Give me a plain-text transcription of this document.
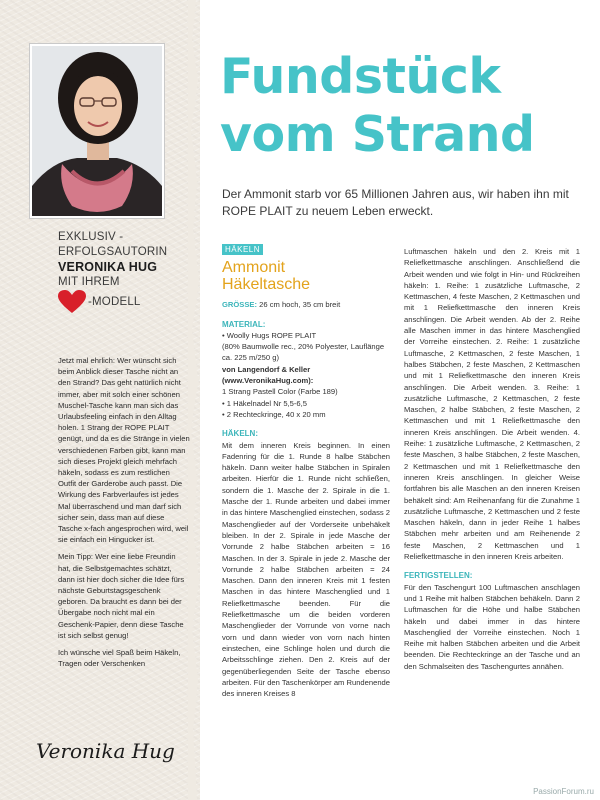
EXKLUSIV -
ERFOLGSAUTORIN
VERONIKA HUG
MIT IHREM
-MODELL

Jetzt mal ehrlich: Wer wünscht sich beim Anblick dieser Tasche nicht an den Strand? Das geht natürlich nicht immer, aber mit solch einer schönen Muschel-Tasche kann man sich das Urlaubsfeeling einfach in den Alltag holen. 1 Strang der ROPE PLAIT genügt, und da es die Stränge in vielen verschiedenen Farben gibt, kann man sich dieses Projekt gleich mehrfach häkeln, sodass es zum restlichen Outfit der Garderobe auch passt. Die Wirkung des Farbverlaufes ist jedes Mal überraschend und man darf sich sicher sein, dass man auf diese Tasche x-fach angesprochen wird, weil sie einfach ein Hingucker ist.

Mein Tipp: Wer eine liebe Freundin hat, die Selbstgemachtes schätzt, dann ist hier doch sicher die Idee fürs nächste Geburtstagsgeschenk geboren. Da braucht es dann bei der Übergabe noch nicht mal ein Geschenk-Papier, denn diese Tasche ist sich selbst genug!

Ich wünsche viel Spaß beim Häkeln, Tragen oder Verschenken

Veronika Hug
Fundstück
vom Strand
Der Ammonit starb vor 65 Millionen Jahren aus, wir haben ihn mit ROPE PLAIT zu neuem Leben erweckt.
HÄKELN
Ammonit
Häkeltasche

GRÖSSE: 26 cm hoch, 35 cm breit

MATERIAL:

• Woolly Hugs ROPE PLAIT

(80% Baumwolle rec., 20% Polyester, Lauflänge ca. 225 m/250 g)

von Langendorf & Keller

(www.VeronikaHug.com):

1 Strang Pastell Color (Farbe 189)

• 1 Häkelnadel Nr 5,5-6,5

• 2 Rechteckringe, 40 x 20 mm

HÄKELN:

Mit dem inneren Kreis beginnen. In einen Fadenring für die 1. Runde 8 halbe Stäbchen häkeln. Dann weiter halbe Stäbchen in Spiralen arbeiten. Hierfür die 1. Runde nicht schließen, sondern die 1. Masche der 2. Spirale in die 1. Masche der 1. Runde arbeiten und dabei immer in das hintere Maschenglied einstechen, sodass 2 Maschenglieder auf der Vorderseite unbehäkelt bleiben. In der 2. Spirale in jede Masche der Vorrunde 2 halbe Stäbchen arbeiten = 16 Maschen. In der 3. Spirale in jede 2. Masche der Vorrunde 2 halbe Stäbchen arbeiten = 24 Maschen. Dann den inneren Kreis mit 1 festen Maschen in das hintere Maschenglied und 1 Reliefkettmasche beenden. Für die Reliefkettmasche um die beiden vorderen Maschenglieder der Vorrunde von vorne nach vorn und dann wieder von vorn nach hinten einstechen, eine Schlinge holen und durch die Arbeitsschlinge ziehen. Den 2. Kreis auf der gegenüberliegenden Seite der Tasche ebenso arbeiten. Für den Taschenkörper am Rundenende des inneren Kreises 8

Luftmaschen häkeln und den 2. Kreis mit 1 Reliefkettmasche anschlingen. Anschließend die Arbeit wenden und wie folgt in Hin- und Rückreihen häkeln: 1. Reihe: 1 zusätzliche Luftmasche, 2 Kettmaschen, 4 feste Maschen, 2 Kettmaschen und mit 1 Reliefkettmasche den inneren Kreis anschlingen. Die Arbeit wenden. Ab der 2. Reihe alle Maschen immer in das hintere Maschenglied der Vorreihe einstechen. 2. Reihe: 1 zusätzliche Luftmasche, 2 Kettmaschen, 2 feste Maschen, 1 halbes Stäbchen, 2 feste Maschen, 2 Kettmaschen und mit 1 Reliefkettmasche den inneren Kreis anschlingen. Die Arbeit wenden. 3. Reihe: 1 zusätzliche Luftmasche, 2 Kettmaschen, 2 feste Maschen, 2 halbe Stäbchen, 2 feste Maschen, 2 Kettmaschen und mit 1 Reliefkettmasche den inneren Kreis anschlingen. Die Arbeit wenden. 4. Reihe: 1 zusätzliche Luftmasche, 2 Kettmaschen, 2 feste Maschen, 3 halbe Stäbchen, 2 feste Maschen, 2 Kettmaschen und mit 1 Reliefkettmasche den inneren Kreis anschlingen. In gleicher Weise fortfahren bis alle Maschen an den inneren Kreisen behäkelt sind: Am Reihenanfang für die Zunahme 1 zusätzliche Luftmasche, 2 Kettmaschen und 2 feste Maschen häkeln, dann in jeder Reihe 1 halbes Stäbchen mehr arbeiten und am Reihenende 2 feste Maschen, 2 Kettmaschen und 1 Reliefkettmasche in den inneren Kreis arbeiten.

FERTIGSTELLEN:

Für den Taschengurt 100 Luftmaschen anschlagen und 1 Reihe mit halben Stäbchen behäkeln. Dann 2 Luftmaschen für die Höhe und halbe Stäbchen häkeln und dabei immer in das hintere Maschenglied der Vorreihe einstechen. Noch 1 Reihe mit halben Stäbchen arbeiten und die Arbeit beenden. Die Rechteckringe an der Tasche und an den Schmalseiten des Taschengurtes annähen.

PassionForum.ru
